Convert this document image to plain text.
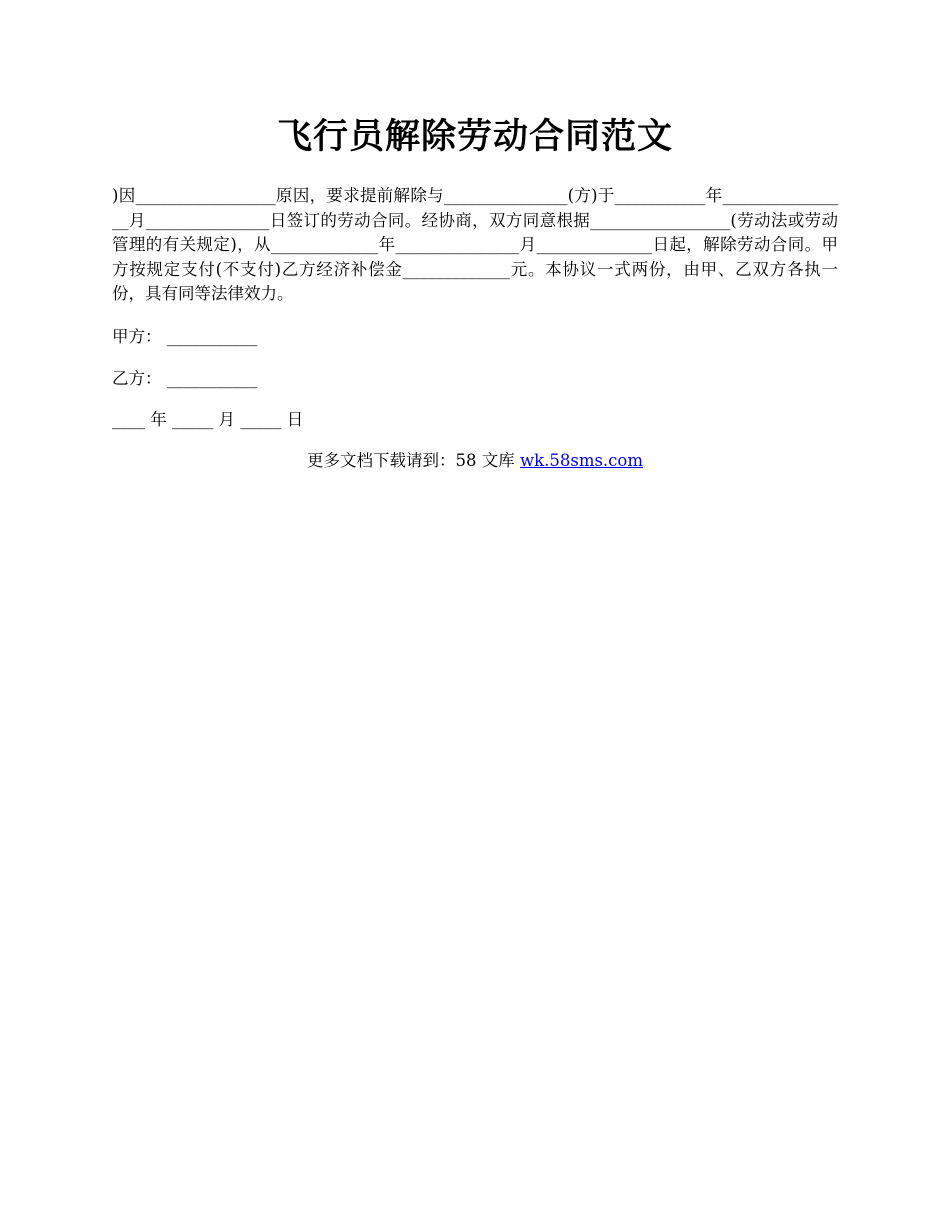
飞行员解除劳动合同范文

)因_________________原因，要求提前解除与_______________(方)于___________年________________月_______________日签订的劳动合同。经协商，双方同意根据_________________(劳动法或劳动管理的有关规定)，从_____________年_______________月______________日起，解除劳动合同。甲方按规定支付(不支付)乙方经济补偿金_____________元。本协议一式两份，由甲、乙双方各执一份，具有同等法律效力。

甲方： ___________

乙方： ___________

____ 年 _____ 月 _____ 日

更多文档下载请到：58 文库 wk.58sms.com
